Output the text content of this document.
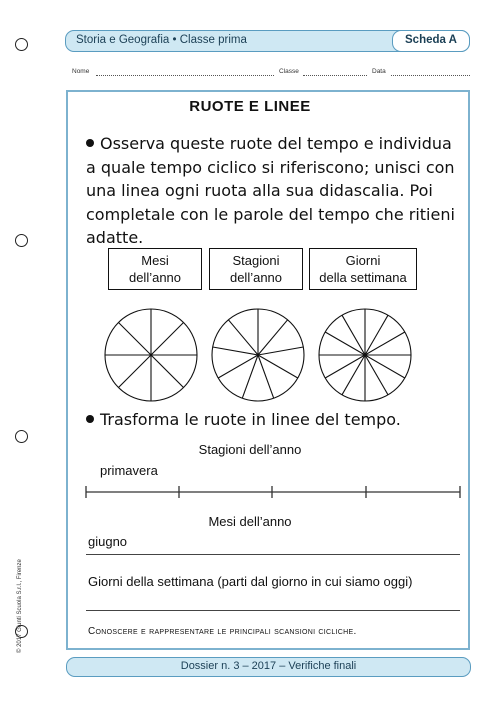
Storia e Geografia • Classe prima	Scheda A
Nome	Classe	Data
RUOTE E LINEE
Osserva queste ruote del tempo e individua a quale tempo ciclico si riferiscono; unisci con una linea ogni ruota alla sua didascalia. Poi completale con le parole del tempo che ritieni adatte.
Mesi
dell’anno
Stagioni
dell’anno
Giorni
della settimana
Trasforma le ruote in linee del tempo.
Stagioni dell’anno
primavera
Mesi dell’anno
giugno
Giorni della settimana (parti dal giorno in cui siamo oggi)
Conoscere e rappresentare le principali scansioni cicliche.
© 2017 Giunti Scuola S.r.l., Firenze
Dossier n. 3 – 2017 – Verifiche finali
